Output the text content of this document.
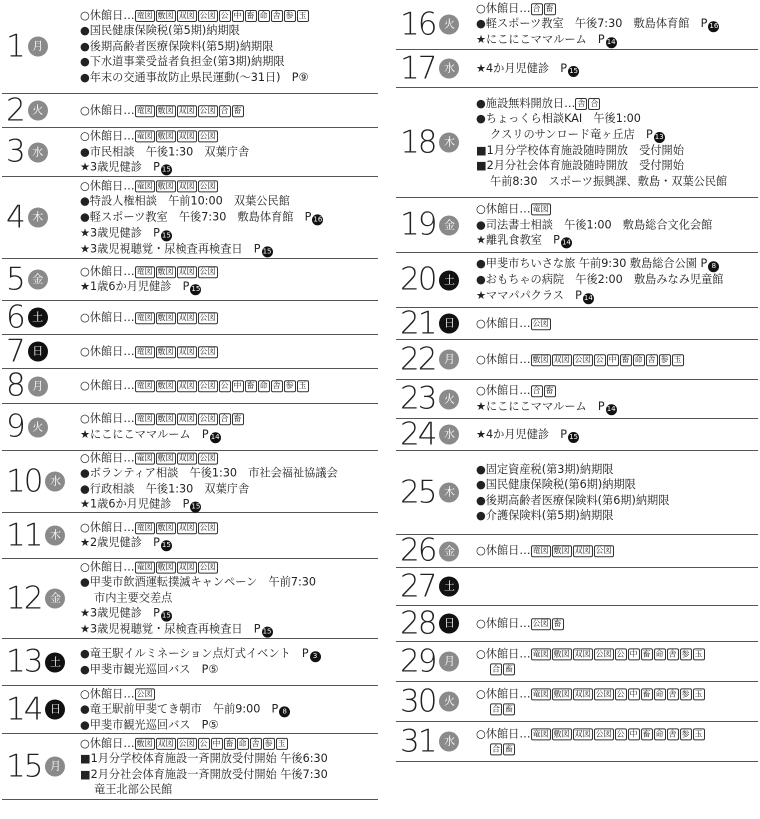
1 月
○休館日… 竜図 敷図 双図 公図 公 中 畜 命 舎 参 玉
●国民健康保険税(第5期)納期限
●後期高齢者医療保険料(第5期)納期限
●下水道事業受益者負担金(第3期)納期限
●年末の交通事故防止県民運動(～31日)　P⑨
2 火	○休館日… 竜図 敷図 双図 公図 合 畜
3 水
○休館日… 竜図 敷図 双図 公図
●市民相談　午後1:30　双葉庁舎
★3歳児健診　P 15
4 木
○休館日… 竜図 敷図 双図 公図
●特設人権相談　午前10:00　双葉公民館
●軽スポーツ教室　午後7:30　敷島体育館　P 16
★3歳児健診　P 15
★3歳児視聴覚・尿検査再検査日　P 15
5 金
○休館日… 竜図 敷図 双図 公図
★1歳6か月児健診　P 15
6 土	○休館日… 竜図 敷図 双図 公図
7 日	○休館日… 竜図 敷図 双図 公図
8 月	○休館日… 竜図 敷図 双図 公図 公 中 畜 命 舎 参 玉
9 火
○休館日… 竜図 敷図 双図 公図 合 畜
★にこにこママルーム　P 14
10 水
○休館日… 竜図 敷図 双図 公図
●ボランティア相談　午後1:30　市社会福祉協議会
●行政相談　午後1:30　双葉庁舎
★1歳6か月児健診　P 15
11 木
○休館日… 竜図 敷図 双図 公図
★2歳児健診　P 15
12 金
○休館日… 竜図 敷図 双図 公図
●甲斐市飲酒運転撲滅キャンペーン　午前7:30
市内主要交差点
★3歳児健診　P 15
★3歳児視聴覚・尿検査再検査日　P 15
13 土
●竜王駅イルミネーション点灯式イベント　P 3
●甲斐市観光巡回バス　P⑤
14 日
○休館日… 公図
●竜王駅前甲斐てき朝市　午前9:00　P 8
●甲斐市観光巡回バス　P⑤
15 月
○休館日… 敷図 双図 公図 公 中 畜 命 舎 参 玉
■1月分学校体育施設一斉開放受付開始 午後6:30
■2月分社会体育施設一斉開放受付開始 午後7:30
竜王北部公民館
16 火
○休館日… 合 畜
●軽スポーツ教室　午後7:30　敷島体育館　P 16
★にこにこママルーム　P 14
17 水	★4か月児健診　P 15
18 木
●施設無料開放日… 舎 合
●ちょっくら相談KAI　午後1:00
クスリのサンロード竜ヶ丘店　P 13
■1月分学校体育施設随時開放　受付開始
■2月分社会体育施設随時開放　受付開始
午前8:30　スポーツ振興課、敷島・双葉公民館
19 金
○休館日… 竜図
●司法書士相談　午後1:00　敷島総合文化会館
★離乳食教室　P 14
20 土
●甲斐市ちいさな旅 午前9:30 敷島総合公園 P 8
●おもちゃの病院　午後2:00　敷島みなみ児童館
★ママパパクラス　P 14
21 日	○休館日… 公図
22 月	○休館日… 敷図 双図 公図 公 中 畜 命 舎 参 玉
23 火
○休館日… 合 畜
★にこにこママルーム　P 14
24 水	★4か月児健診　P 15
25 木
●固定資産税(第3期)納期限
●国民健康保険税(第6期)納期限
●後期高齢者医療保険料(第6期)納期限
●介護保険料(第5期)納期限
26 金	○休館日… 竜図 敷図 双図 公図
27 土
28 日	○休館日… 公図 畜
29 月
○休館日… 竜図 敷図 双図 公図 公 中 畜 命 舎 参 玉
合 畜
30 火
○休館日… 竜図 敷図 双図 公図 公 中 畜 命 舎 参 玉
合 畜
31 水
○休館日… 竜図 敷図 双図 公図 公 中 畜 命 舎 参 玉
合 畜
